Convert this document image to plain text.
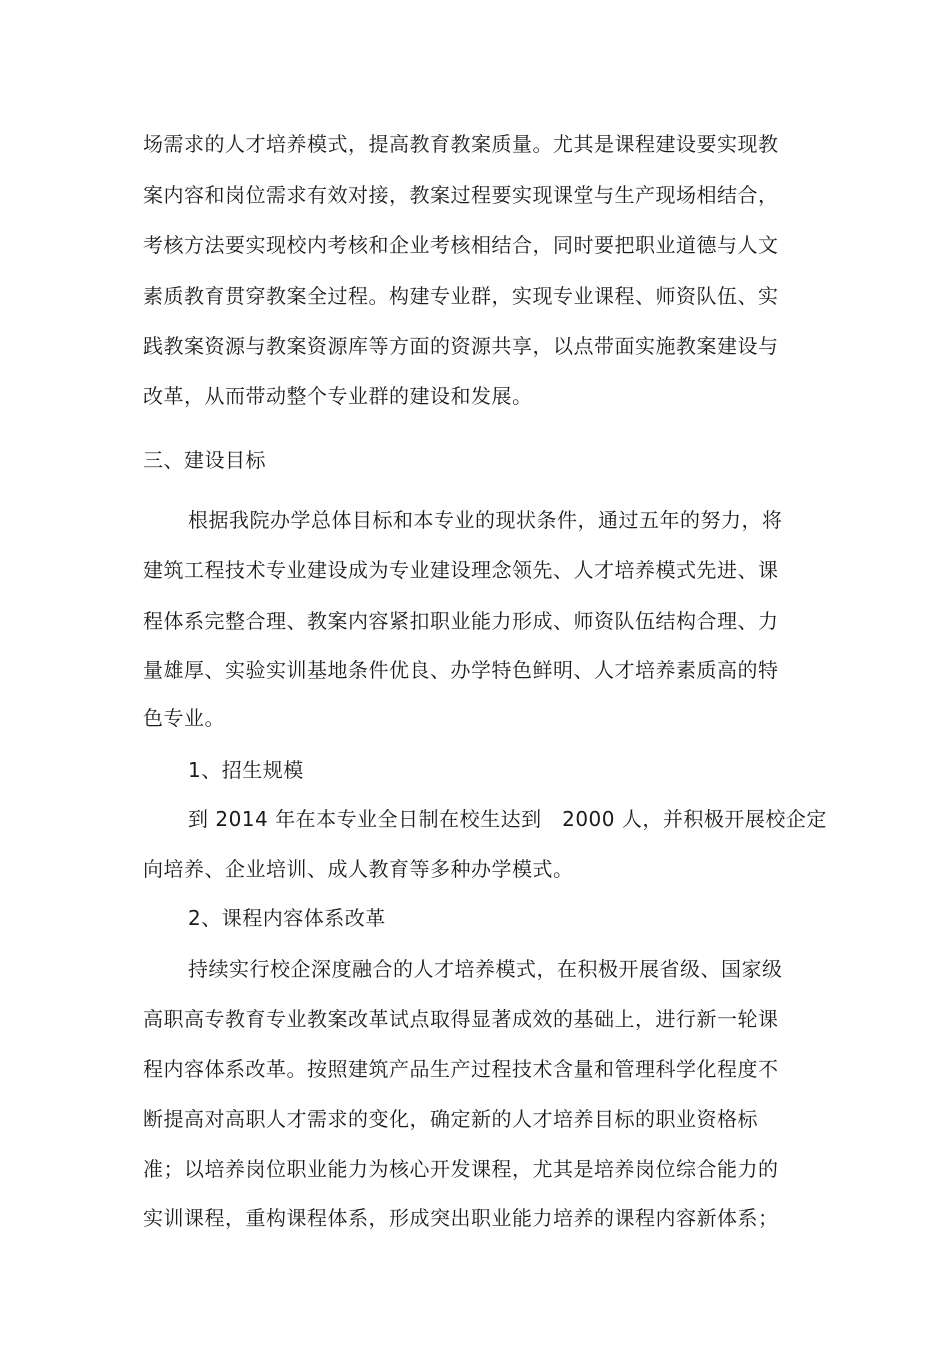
场需求的人才培养模式，提高教育教案质量。尤其是课程建设要实现教
案内容和岗位需求有效对接，教案过程要实现课堂与生产现场相结合，
考核方法要实现校内考核和企业考核相结合，同时要把职业道德与人文
素质教育贯穿教案全过程。构建专业群，实现专业课程、师资队伍、实
践教案资源与教案资源库等方面的资源共享，以点带面实施教案建设与
改革，从而带动整个专业群的建设和发展。
三、建设目标
根据我院办学总体目标和本专业的现状条件，通过五年的努力，将
建筑工程技术专业建设成为专业建设理念领先、人才培养模式先进、课
程体系完整合理、教案内容紧扣职业能力形成、师资队伍结构合理、力
量雄厚、实验实训基地条件优良、办学特色鲜明、人才培养素质高的特
色专业。
1、招生规模
到 2014 年在本专业全日制在校生达到　2000 人，并积极开展校企定
向培养、企业培训、成人教育等多种办学模式。
2、课程内容体系改革
持续实行校企深度融合的人才培养模式，在积极开展省级、国家级
高职高专教育专业教案改革试点取得显著成效的基础上，进行新一轮课
程内容体系改革。按照建筑产品生产过程技术含量和管理科学化程度不
断提高对高职人才需求的变化，确定新的人才培养目标的职业资格标
准；以培养岗位职业能力为核心开发课程，尤其是培养岗位综合能力的
实训课程，重构课程体系，形成突出职业能力培养的课程内容新体系；
